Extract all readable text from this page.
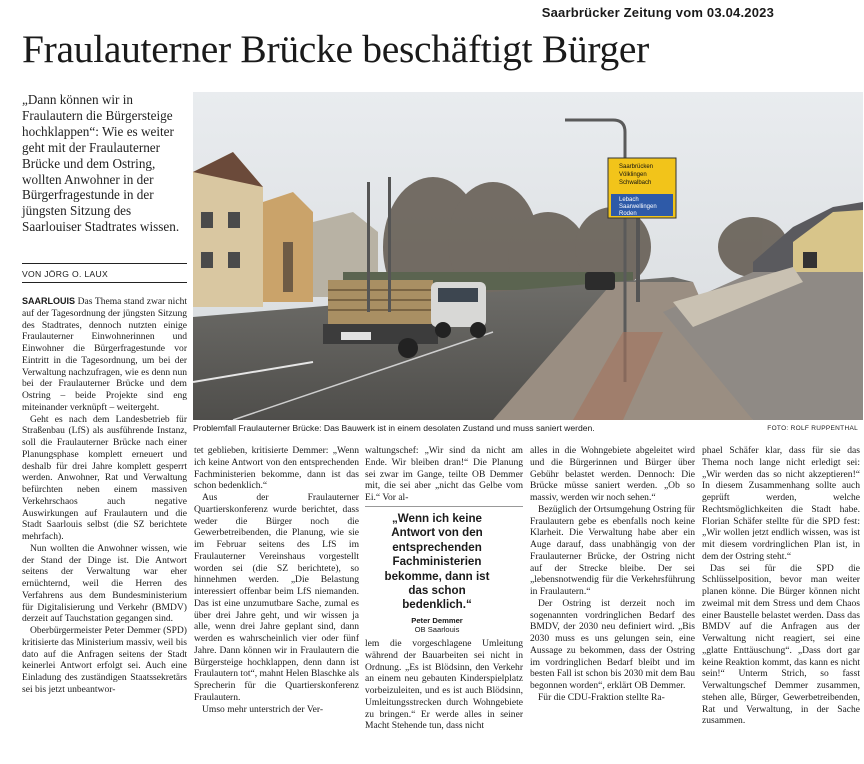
Saarbrücker Zeitung vom 03.04.2023
Fraulauterner Brücke beschäftigt Bürger
„Dann können wir in Fraulautern die Bürgersteige hochklappen“: Wie es weiter geht mit der Fraulauterner Brücke und dem Ostring, wollten Anwohner in der Bürgerfragestunde in der jüngsten Sitzung des Saarlouiser Stadtrates wissen.
VON JÖRG O. LAUX
Saarbrücken
Völklingen
Schwalbach
Lebach
Saarwellingen
Roden
Problemfall Fraulauterner Brücke: Das Bauwerk ist in einem desolaten Zustand und muss saniert werden.	FOTO: ROLF RUPPENTHAL

SAARLOUIS Das Thema stand zwar nicht auf der Tagesordnung der jüngsten Sitzung des Stadtrates, dennoch nutzten einige Fraulauterner Einwohnerinnen und Einwohner die Bürgerfragestunde vor Eintritt in die Tagesordnung, um bei der Verwaltung nachzufragen, wie es denn nun bei der Fraulauterner Brücke und dem Ostring – beide Projekte sind eng miteinander verknüpft – weitergeht.

Geht es nach dem Landesbetrieb für Straßenbau (LfS) als ausführende Instanz, soll die Fraulauterner Brücke nach einer Planungsphase komplett erneuert und deshalb für drei Jahre komplett gesperrt werden. Anwohner, Rat und Verwaltung befürchten neben einem massiven Verkehrschaos auch negative Auswirkungen auf Fraulautern und die Stadt Saarlouis selbst (die SZ berichtete mehrfach).

Nun wollten die Anwohner wissen, wie der Stand der Dinge ist. Die Antwort seitens der Verwaltung war eher ernüchternd, weil die Herren des Verfahrens aus dem Bundesministerium für Digitalisierung und Verkehr (BMDV) derzeit auf Tauchstation gegangen sind.

Oberbürgermeister Peter Demmer (SPD) kritisierte das Ministerium massiv, weil bis dato auf die Anfragen seitens der Stadt keinerlei Antwort erfolgt sei. Auch eine Einladung des zuständigen Staatssekretärs sei bis jetzt unbeantwor-

tet geblieben, kritisierte Demmer: „Wenn ich keine Antwort von den entsprechenden Fachministerien bekomme, dann ist das schon bedenklich.“

Aus der Fraulauterner Quartierskonferenz wurde berichtet, dass weder die Bürger noch die Gewerbetreibenden, die Planung, wie sie im Februar seitens des LfS im Fraulauterner Vereinshaus vorgestellt worden sei (die SZ berichtete), so hinnehmen werden. „Die Belastung interessiert offenbar beim LfS niemanden. Das ist eine unzumutbare Sache, zumal es über drei Jahre geht, und wir wissen ja alle, wenn drei Jahre geplant sind, dann werden es wahrscheinlich vier oder fünf Jahre. Dann können wir in Fraulautern die Bürgersteige hochklappen, denn dann ist Fraulautern tot“, mahnt Helen Blaschke als Sprecherin für die Quartierskonferenz Fraulautern.

Umso mehr unterstrich der Ver-

waltungschef: „Wir sind da nicht am Ende. Wir bleiben dran!“ Die Planung sei zwar im Gange, teilte OB Demmer mit, die sei aber „nicht das Gelbe vom Ei.“ Vor al-

„Wenn ich keine Antwort von den entsprechenden Fachministerien bekomme, dann ist das schon bedenklich.“
Peter Demmer
OB Saarlouis

lem die vorgeschlagene Umleitung während der Bauarbeiten sei nicht in Ordnung. „Es ist Blödsinn, den Verkehr an einem neu gebauten Kinderspielplatz vorbeizuleiten, und es ist auch Blödsinn, Umleitungsstrecken durch Wohngebiete zu bringen.“ Er werde alles in seiner Macht Stehende tun, dass nicht

alles in die Wohngebiete abgeleitet wird und die Bürgerinnen und Bürger über Gebühr belastet werden. Dennoch: Die Brücke müsse saniert werden. „Ob so massiv, werden wir noch sehen.“

Bezüglich der Ortsumgehung Ostring für Fraulautern gebe es ebenfalls noch keine Klarheit. Die Verwaltung habe aber ein Auge darauf, dass unabhängig von der Fraulauterner Brücke, der Ostring nicht auf der Strecke bleibe. Der sei „lebensnotwendig für die Verkehrsführung in Fraulautern.“

Der Ostring ist derzeit noch im sogenannten vordringlichen Bedarf des BMDV, der 2030 neu definiert wird. „Bis 2030 muss es uns gelungen sein, eine Aussage zu bekommen, dass der Ostring im vordringlichen Bedarf bleibt und im besten Fall ist schon bis 2030 mit dem Bau begonnen worden“, erklärt OB Demmer.

Für die CDU-Fraktion stellte Ra-

phael Schäfer klar, dass für sie das Thema noch lange nicht erledigt sei: „Wir werden das so nicht akzeptieren!“ In diesem Zusammenhang sollte auch geprüft werden, welche Rechtsmöglichkeiten die Stadt habe. Florian Schäfer stellte für die SPD fest: „Wir wollen jetzt endlich wissen, was ist mit diesem vordringlichen Plan ist, in dem der Ostring steht.“

Das sei für die SPD die Schlüsselposition, bevor man weiter planen könne. Die Bürger können nicht zweimal mit dem Stress und dem Chaos einer Baustelle belastet werden. Dass das BMDV auf die Anfragen aus der Verwaltung nicht reagiert, sei eine „glatte Enttäuschung“. „Dass dort gar keine Reaktion kommt, das kann es nicht sein!“ Unterm Strich, so fasst Verwaltungschef Demmer zusammen, stehen alle, Bürger, Gewerbetreibenden, Rat und Verwaltung, in der Sache zusammen.
